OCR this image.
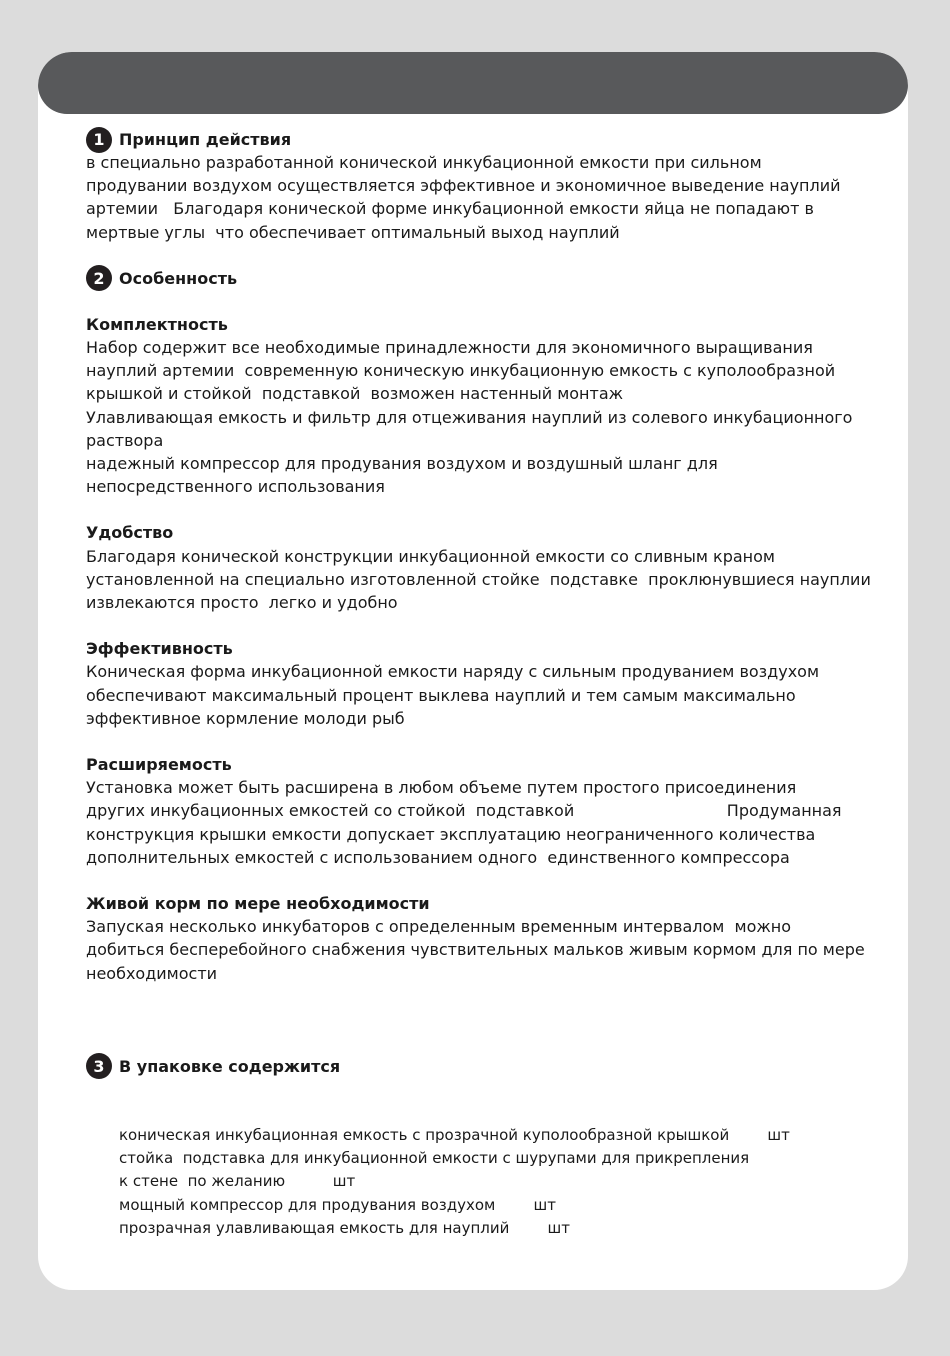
1 Принцип действия

в специально разработанной конической инкубационной емкости при сильном

продувании воздухом осуществляется эффективное и экономичное выведение науплий

артемии   Благодаря конической форме инкубационной емкости яйца не попадают в

мертвые углы  что обеспечивает оптимальный выход науплий

2 Особенность

Комплектность

Набор содержит все необходимые принадлежности для экономичного выращивания

науплий артемии  современную коническую инкубационную емкость с куполообразной

крышкой и стойкой  подставкой  возможен настенный монтаж

Улавливающая емкость и фильтр для отцеживания науплий из солевого инкубационного

раствора

надежный компрессор для продувания воздухом и воздушный шланг для

непосредственного использования

Удобство

Благодаря конической конструкции инкубационной емкости со сливным краном

установленной на специально изготовленной стойке  подставке  проклюнувшиеся науплии

извлекаются просто  легко и удобно

Эффективность

Коническая форма инкубационной емкости наряду с сильным продуванием воздухом

обеспечивают максимальный процент выклева науплий и тем самым максимально

эффективное кормление молоди рыб

Расширяемость

Установка может быть расширена в любом объеме путем простого присоединения

других инкубационных емкостей со стойкой  подставкой                              Продуманная

конструкция крышки емкости допускает эксплуатацию неограниченного количества

дополнительных емкостей с использованием одного  единственного компрессора

Живой корм по мере необходимости

Запуская несколько инкубаторов с определенным временным интервалом  можно

добиться бесперебойного снабжения чувствительных мальков живым кормом для по мере

необходимости

3 В упаковке содержится
коническая инкубационная емкость с прозрачной куполообразной крышкой        шт
стойка  подставка для инкубационной емкости с шурупами для прикрепления
к стене  по желанию          шт
мощный компрессор для продувания воздухом        шт
прозрачная улавливающая емкость для науплий        шт
